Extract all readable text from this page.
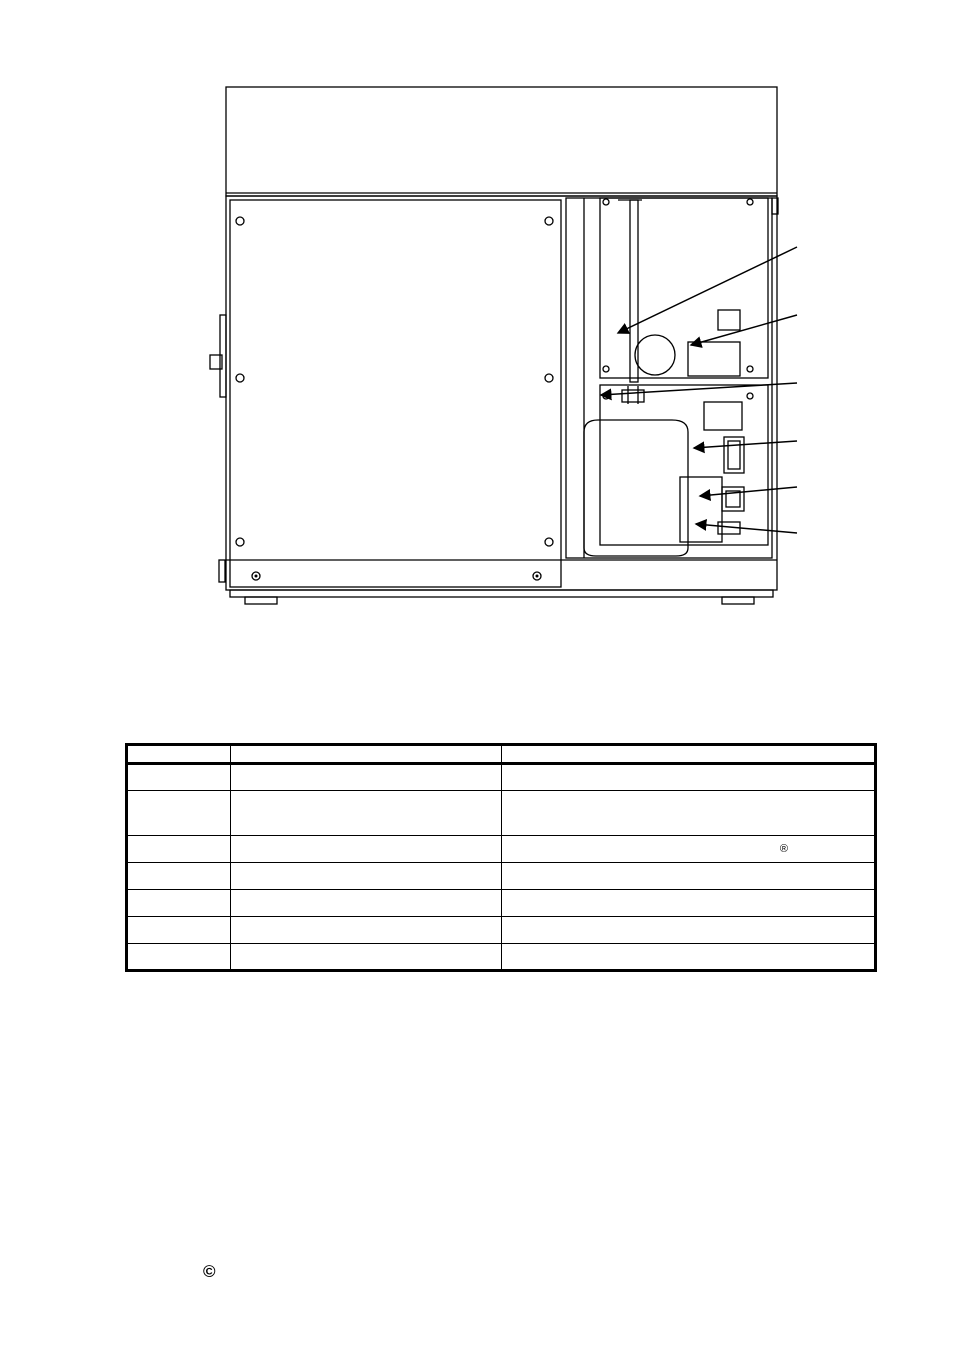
		®

©
